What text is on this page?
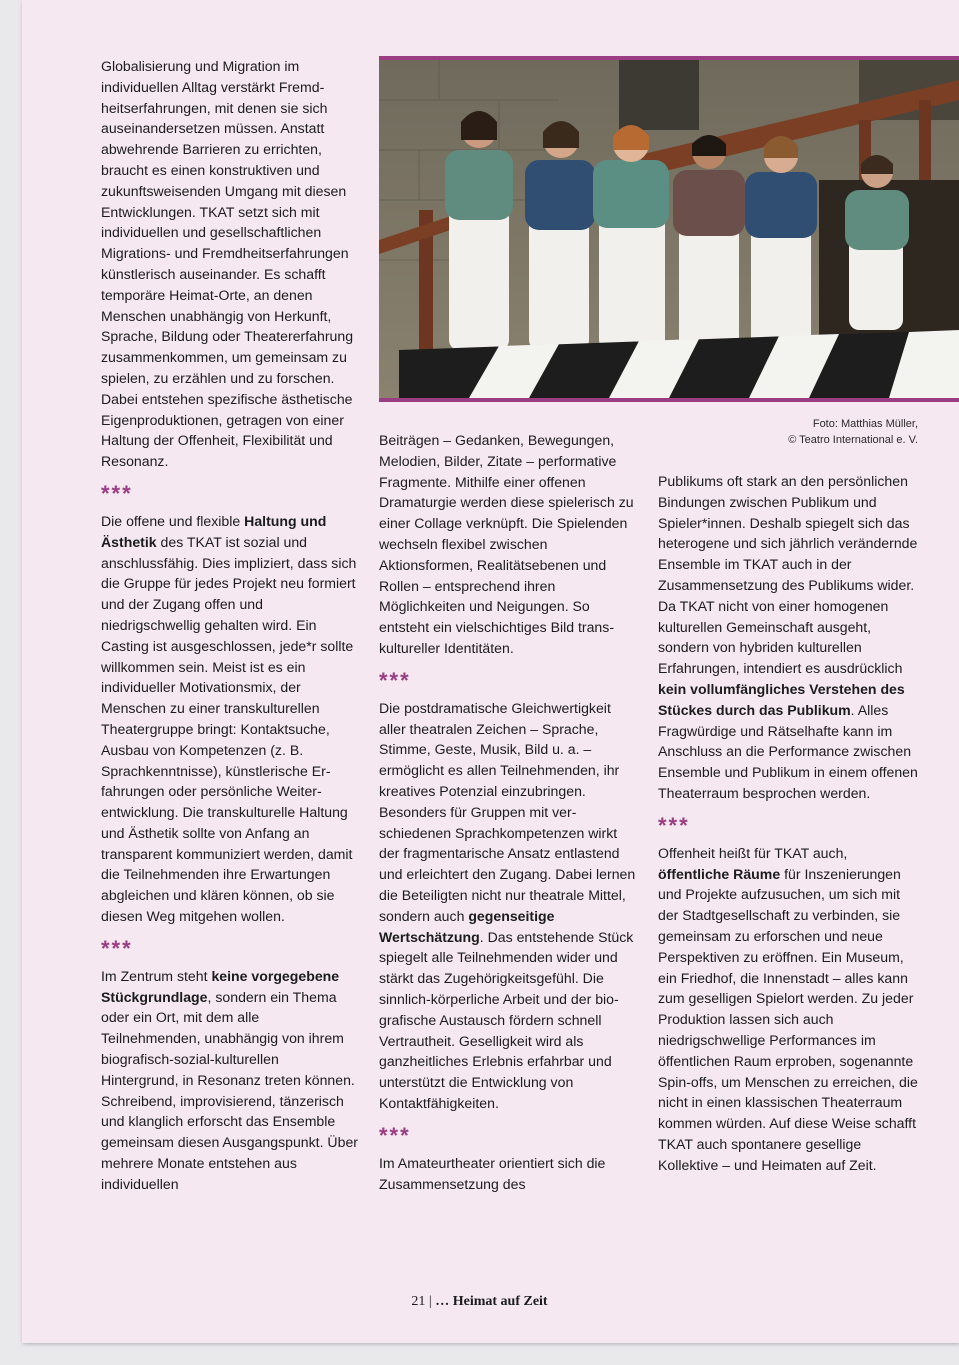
Globalisierung und Migration im individuellen Alltag verstärkt Fremdheitserfahrungen, mit denen sie sich auseinandersetzen müssen. Anstatt abwehrende Barrieren zu errichten, braucht es einen konstruktiven und zukunftsweisenden Umgang mit diesen Entwicklungen. TKAT setzt sich mit individuellen und gesellschaftlichen Migrations- und Fremdheitserfahrungen künstlerisch auseinander. Es schafft temporäre Heimat-Orte, an denen Menschen unabhängig von Herkunft, Sprache, Bildung oder Theatererfahrung zusammenkommen, um gemeinsam zu spielen, zu erzählen und zu forschen. Dabei entstehen spezifische ästhetische Eigenproduktionen, getragen von einer Haltung der Offenheit, Flexibilität und Resonanz.

***

Die offene und flexible Haltung und Ästhetik des TKAT ist sozial und anschlussfähig. Dies impliziert, dass sich die Gruppe für jedes Projekt neu formiert und der Zugang offen und niedrigschwellig gehalten wird. Ein Casting ist ausgeschlossen, jede*r sollte willkommen sein. Meist ist es ein individueller Motivationsmix, der Menschen zu einer transkulturellen Theatergruppe bringt: Kontaktsuche, Ausbau von Kompetenzen (z. B. Sprachkenntnisse), künstlerische Erfahrungen oder persönliche Weiterentwicklung. Die transkulturelle Haltung und Ästhetik sollte von Anfang an transparent kommuniziert werden, damit die Teilnehmenden ihre Erwartungen abgleichen und klären können, ob sie diesen Weg mitgehen wollen.

***

Im Zentrum steht keine vorgegebene Stückgrundlage, sondern ein Thema oder ein Ort, mit dem alle Teilnehmenden, unabhängig von ihrem biografisch-sozial-kulturellen Hintergrund, in Resonanz treten können. Schreibend, improvisierend, tänzerisch und klanglich erforscht das Ensemble gemeinsam diesen Ausgangspunkt. Über mehrere Monate entstehen aus individuellen

Foto: Matthias Müller,
© Teatro International e. V.

Beiträgen – Gedanken, Bewegungen, Melodien, Bilder, Zitate – performative Fragmente. Mithilfe einer offenen Dramaturgie werden diese spielerisch zu einer Collage verknüpft. Die Spielenden wechseln flexibel zwischen Aktionsformen, Realitätsebenen und Rollen – entsprechend ihren Möglichkeiten und Neigungen. So entsteht ein vielschichtiges Bild transkultureller Identitäten.

***

Die postdramatische Gleichwertigkeit aller theatralen Zeichen – Sprache, Stimme, Geste, Musik, Bild u. a. – ermöglicht es allen Teilnehmenden, ihr kreatives Potenzial einzubringen. Besonders für Gruppen mit verschiedenen Sprachkompetenzen wirkt der fragmentarische Ansatz entlastend und erleichtert den Zugang. Dabei lernen die Beteiligten nicht nur theatrale Mittel, sondern auch gegenseitige Wertschätzung. Das entstehende Stück spiegelt alle Teilnehmenden wider und stärkt das Zugehörigkeitsgefühl. Die sinnlich-körperliche Arbeit und der biografische Austausch fördern schnell Vertrautheit. Geselligkeit wird als ganzheitliches Erlebnis erfahrbar und unterstützt die Entwicklung von Kontaktfähigkeiten.

***

Im Amateurtheater orientiert sich die Zusammensetzung des

Publikums oft stark an den persönlichen Bindungen zwischen Publikum und Spieler*innen. Deshalb spiegelt sich das heterogene und sich jährlich verändernde Ensemble im TKAT auch in der Zusammensetzung des Publikums wider. Da TKAT nicht von einer homogenen kulturellen Gemeinschaft ausgeht, sondern von hybriden kulturellen Erfahrungen, intendiert es ausdrücklich kein vollumfängliches Verstehen des Stückes durch das Publikum. Alles Fragwürdige und Rätselhafte kann im Anschluss an die Performance zwischen Ensemble und Publikum in einem offenen Theaterraum besprochen werden.

***

Offenheit heißt für TKAT auch, öffentliche Räume für Inszenierungen und Projekte aufzusuchen, um sich mit der Stadtgesellschaft zu verbinden, sie gemeinsam zu erforschen und neue Perspektiven zu eröffnen. Ein Museum, ein Friedhof, die Innenstadt – alles kann zum geselligen Spielort werden. Zu jeder Produktion lassen sich auch niedrigschwellige Performances im öffentlichen Raum erproben, sogenannte Spin-offs, um Menschen zu erreichen, die nicht in einen klassischen Theaterraum kommen würden. Auf diese Weise schafft TKAT auch spontanere gesellige Kollektive – und Heimaten auf Zeit.

21 | … Heimat auf Zeit
